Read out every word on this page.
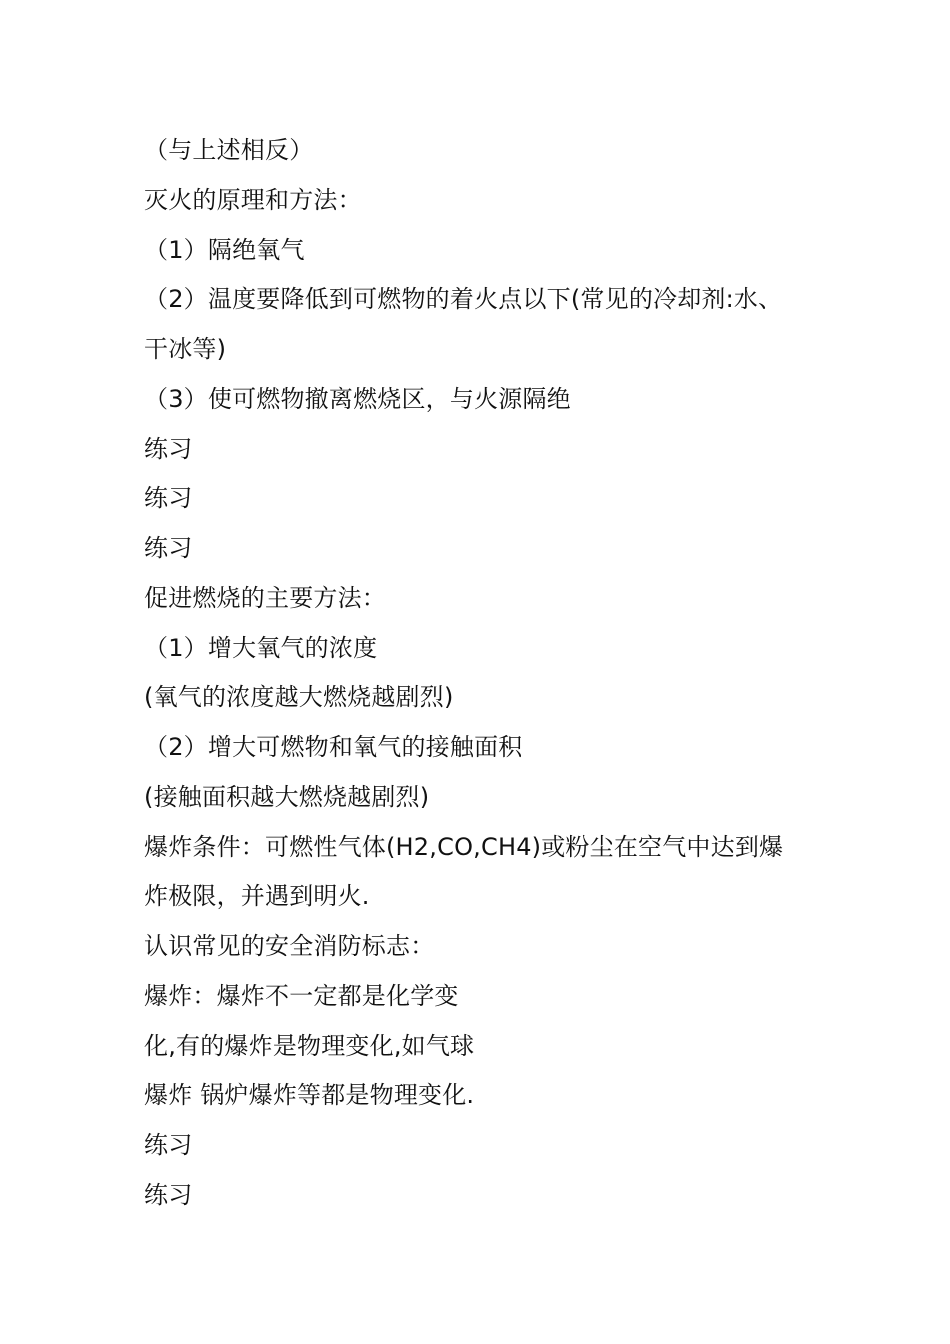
（与上述相反）
灭火的原理和方法：
（1）隔绝氧气
（2）温度要降低到可燃物的着火点以下(常见的冷却剂:水、
干冰等)
（3）使可燃物撤离燃烧区，与火源隔绝
练习
练习
练习
促进燃烧的主要方法：
（1）增大氧气的浓度
(氧气的浓度越大燃烧越剧烈)
（2）增大可燃物和氧气的接触面积
(接触面积越大燃烧越剧烈)
爆炸条件：可燃性气体(H2,CO,CH4)或粉尘在空气中达到爆
炸极限，并遇到明火.
认识常见的安全消防标志：
爆炸：爆炸不一定都是化学变
化,有的爆炸是物理变化,如气球
爆炸 锅炉爆炸等都是物理变化.
练习
练习
